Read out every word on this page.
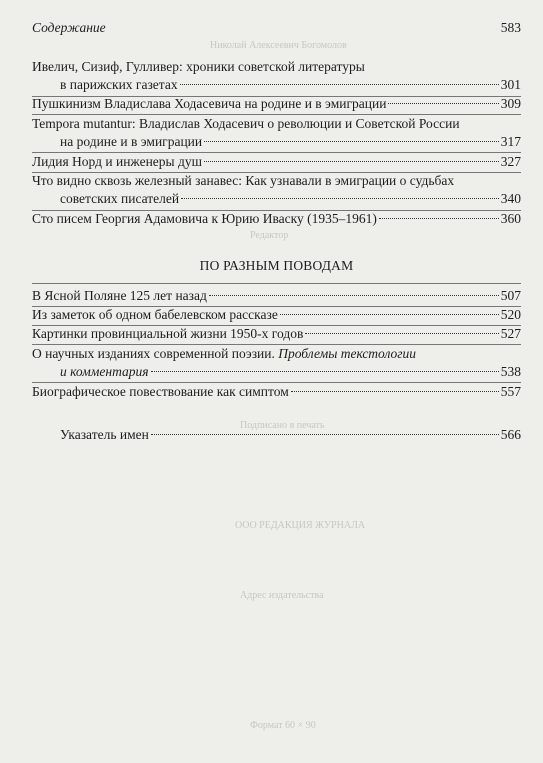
Николай Алексеевич Богомолов
Редактор
Подписано в печать
ООО РЕДАКЦИЯ ЖУРНАЛА
Адрес издательства
Формат 60 × 90
Содержание	583
Ивелич, Сизиф, Гулливер: хроники советской литературы
в парижских газетах	301
Пушкинизм Владислава Ходасевича на родине и в эмиграции	309
Tempora mutantur: Владислав Ходасевич о революции и Советской России
на родине и в эмиграции	317
Лидия Норд и инженеры душ	327
Что видно сквозь железный занавес: Как узнавали в эмиграции о судьбах
советских писателей	340
Сто писем Георгия Адамовича к Юрию Иваску (1935–1961)	360
ПО РАЗНЫМ ПОВОДАМ
В Ясной Поляне 125 лет назад	507
Из заметок об одном бабелевском рассказе	520
Картинки провинциальной жизни 1950-х годов	527
О научных изданиях современной поэзии. Проблемы текстологии
и комментария	538
Биографическое повествование как симптом	557
Указатель имен	566
